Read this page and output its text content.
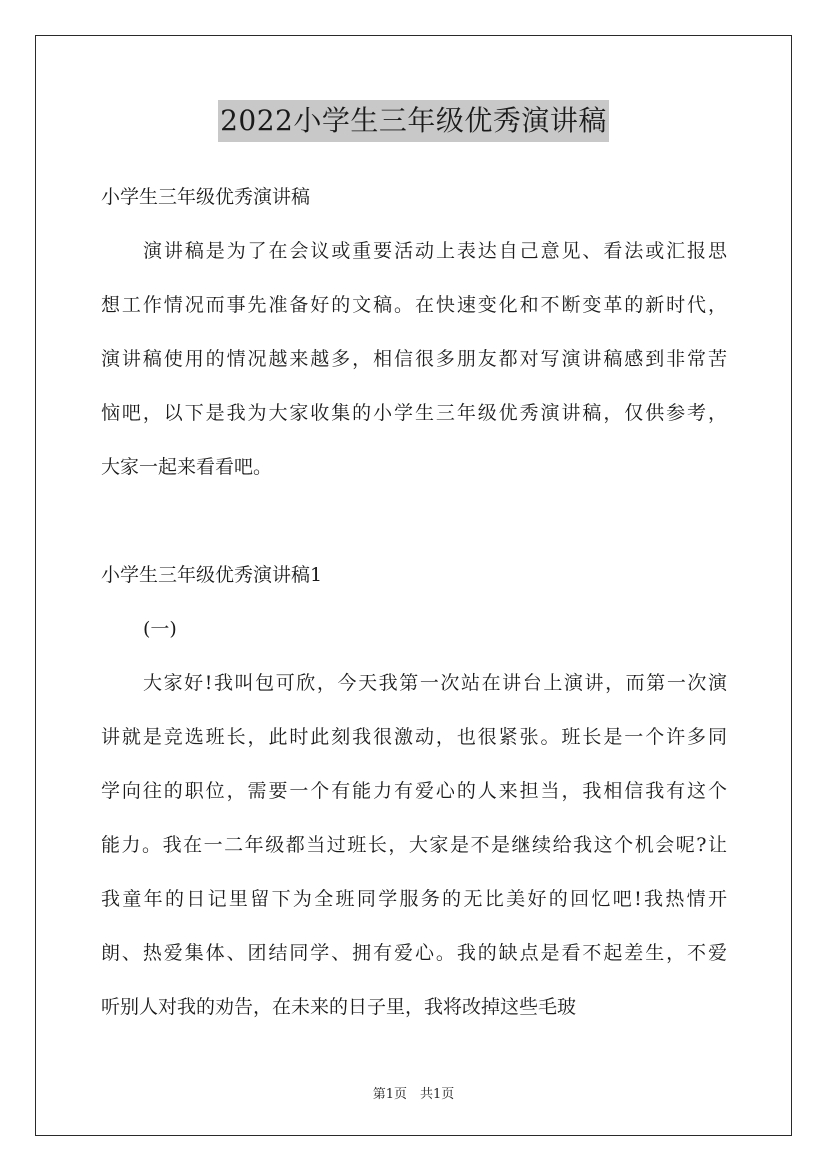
2022小学生三年级优秀演讲稿
小学生三年级优秀演讲稿
演讲稿是为了在会议或重要活动上表达自己意见、看法或汇报思
想工作情况而事先准备好的文稿。在快速变化和不断变革的新时代，
演讲稿使用的情况越来越多，相信很多朋友都对写演讲稿感到非常苦
恼吧，以下是我为大家收集的小学生三年级优秀演讲稿，仅供参考，
大家一起来看看吧。
小学生三年级优秀演讲稿1
(一)
大家好!我叫包可欣，今天我第一次站在讲台上演讲，而第一次演
讲就是竞选班长，此时此刻我很激动，也很紧张。班长是一个许多同
学向往的职位，需要一个有能力有爱心的人来担当，我相信我有这个
能力。我在一二年级都当过班长，大家是不是继续给我这个机会呢?让
我童年的日记里留下为全班同学服务的无比美好的回忆吧!我热情开
朗、热爱集体、团结同学、拥有爱心。我的缺点是看不起差生，不爱
听别人对我的劝告，在未来的日子里，我将改掉这些毛玻
第1页　共1页
